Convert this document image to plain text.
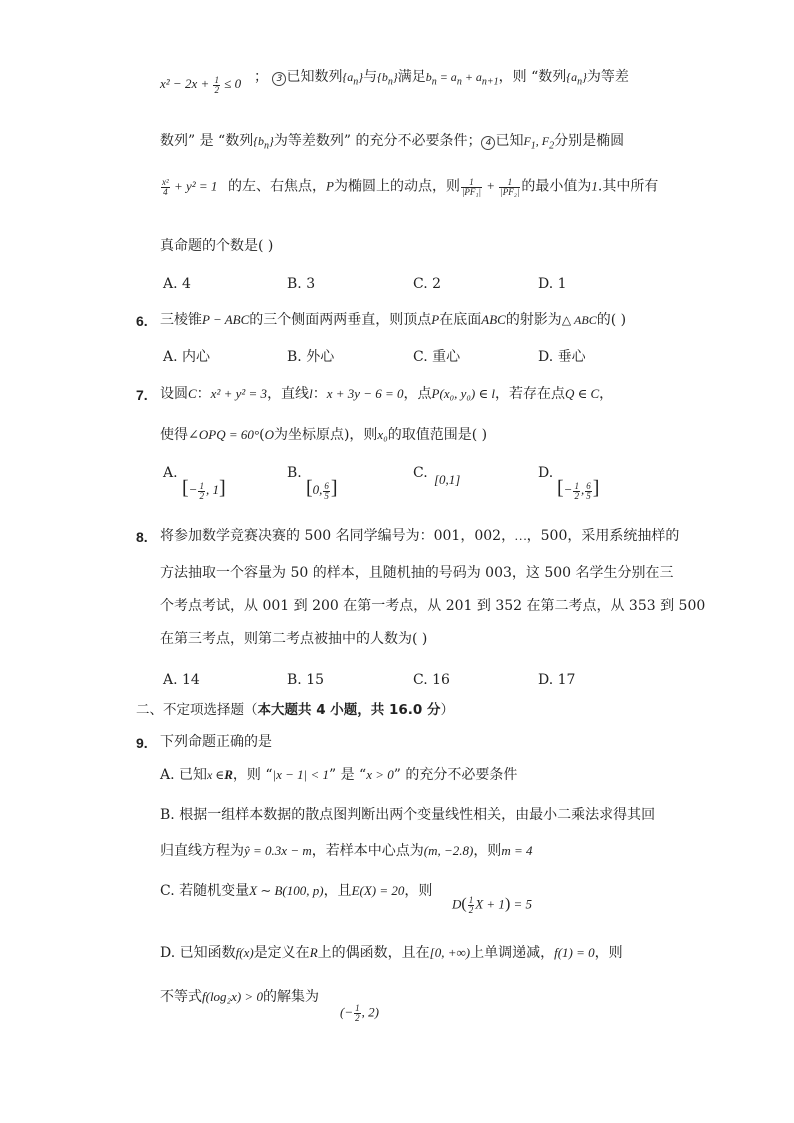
$x^2 - 2x + \frac{1}{2} \le 0$ ； 3 已知数列$\{a_n\}$与$\{b_n\}$满足$b_n = a_n + a_{n+1}$，则 “数列$\{a_n\}$为等差
数列” 是 “数列$\{b_n\}$为等差数列” 的充分不必要条件； 4 已知$F_1$, $F_2$分别是椭圆
$\frac{\text{x²}}{4} + y^2 = 1$ 的左、右焦点，P为椭圆上的动点，则 $\frac{1}{\text{|PF₁|}} + \frac{1}{\text{|PF₂|}}$ 的最小值为1.其中所有
真命题的个数是( )
A. 4	B. 3	C. 2	D. 1
6. 三棱锥P − ABC的三个侧面两两垂直，则顶点P在底面ABC的射影为△ ABC的( )
A. 内心	B. 外心	C. 重心	D. 垂心
7. 设圆C：x² + y² = 3，直线l：x + 3y − 6 = 0，点P(x₀, y₀) ∈ l，若存在点Q ∈ C，
使得∠OPQ = 60°(O为坐标原点)，则x₀的取值范围是( )
A.
[− $\frac{1}{2}$ , 1]
B.
[0, $\frac{6}{5}$ ]
C. [0,1]	D.
[− $\frac{1}{2}$ , $\frac{6}{5}$ ]
8. 将参加数学竞赛决赛的 500 名同学编号为：001，002，…，500，采用系统抽样的
方法抽取一个容量为 50 的样本，且随机抽的号码为 003，这 500 名学生分别在三
个考点考试，从 001 到 200 在第一考点，从 201 到 352 在第二考点，从 353 到 500
在第三考点，则第二考点被抽中的人数为( )
A. 14	B. 15	C. 16	D. 17
二、不定项选择题（本大题共 4 小题，共 16.0 分）
9. 下列命题正确的是
A. 已知x ∈R，则 “|x − 1| < 1” 是 “x > 0” 的充分不必要条件
B. 根据一组样本数据的散点图判断出两个变量线性相关，由最小二乘法求得其回
归直线方程为ŷ = 0.3x − m，若样本中心点为(m, −2.8)，则m = 4
C. 若随机变量X ∼ B(100, p)，且E(X) = 20，则
$D( \frac{1}{2}$ X + 1) = 5
D. 已知函数f(x)是定义在R上的偶函数，且在[0, +∞)上单调递减，f(1) = 0，则
不等式f(log₂x) > 0的解集为
(− $\frac{1}{2}$ , 2)
